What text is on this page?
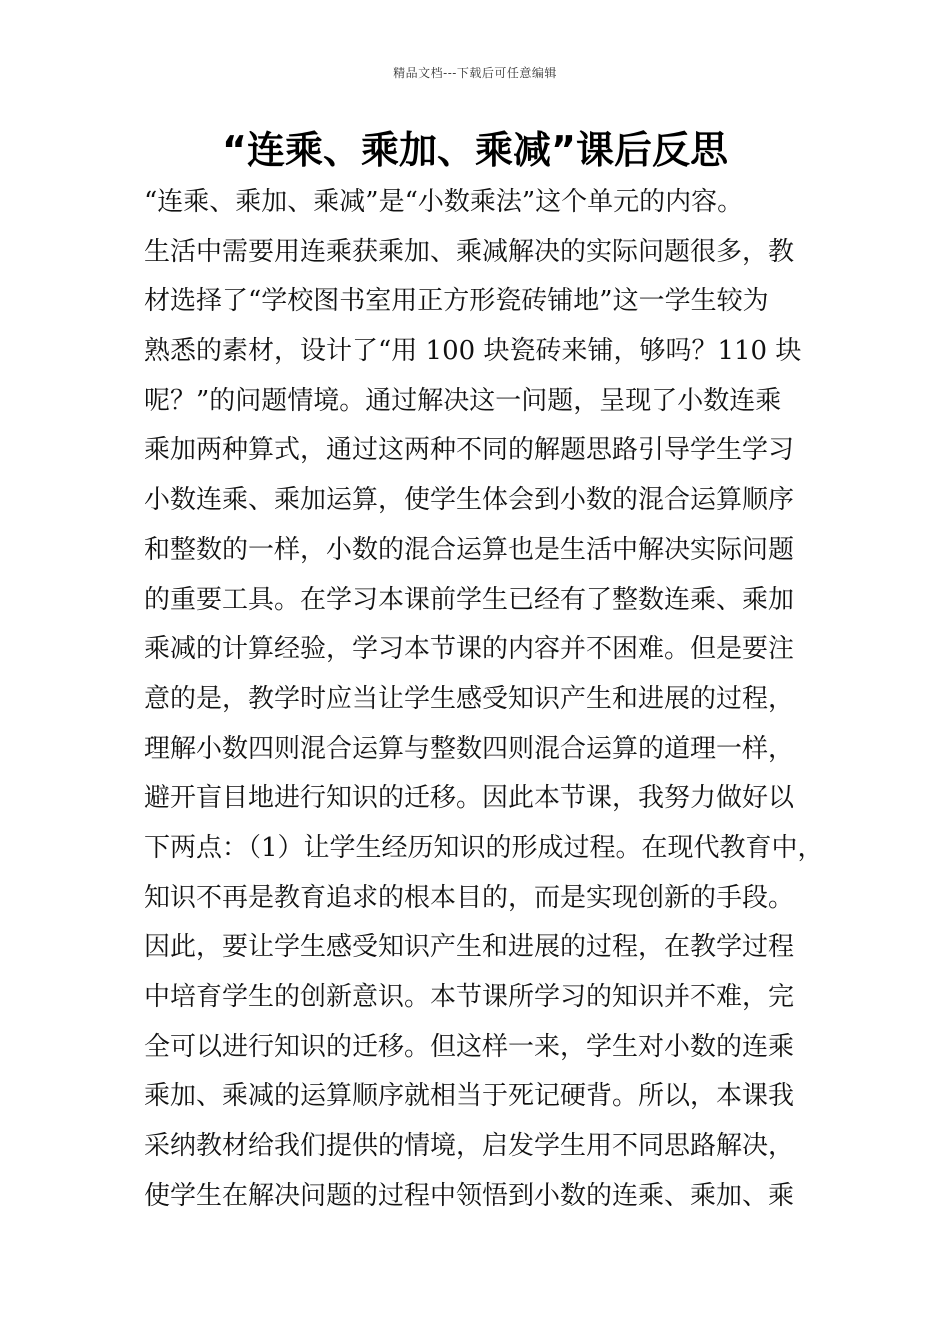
精品文档---下载后可任意编辑
“连乘、乘加、乘减”课后反思
“连乘、乘加、乘减”是“小数乘法”这个单元的内容。
生活中需要用连乘获乘加、乘减解决的实际问题很多，教
材选择了“学校图书室用正方形瓷砖铺地”这一学生较为
熟悉的素材，设计了“用 100 块瓷砖来铺，够吗？110 块
呢？”的问题情境。通过解决这一问题，呈现了小数连乘
乘加两种算式，通过这两种不同的解题思路引导学生学习
小数连乘、乘加运算，使学生体会到小数的混合运算顺序
和整数的一样，小数的混合运算也是生活中解决实际问题
的重要工具。在学习本课前学生已经有了整数连乘、乘加
乘减的计算经验，学习本节课的内容并不困难。但是要注
意的是，教学时应当让学生感受知识产生和进展的过程，
理解小数四则混合运算与整数四则混合运算的道理一样，
避开盲目地进行知识的迁移。因此本节课，我努力做好以
下两点：（1）让学生经历知识的形成过程。在现代教育中，
知识不再是教育追求的根本目的，而是实现创新的手段。
因此，要让学生感受知识产生和进展的过程，在教学过程
中培育学生的创新意识。本节课所学习的知识并不难，完
全可以进行知识的迁移。但这样一来，学生对小数的连乘
乘加、乘减的运算顺序就相当于死记硬背。所以，本课我
采纳教材给我们提供的情境，启发学生用不同思路解决，
使学生在解决问题的过程中领悟到小数的连乘、乘加、乘
